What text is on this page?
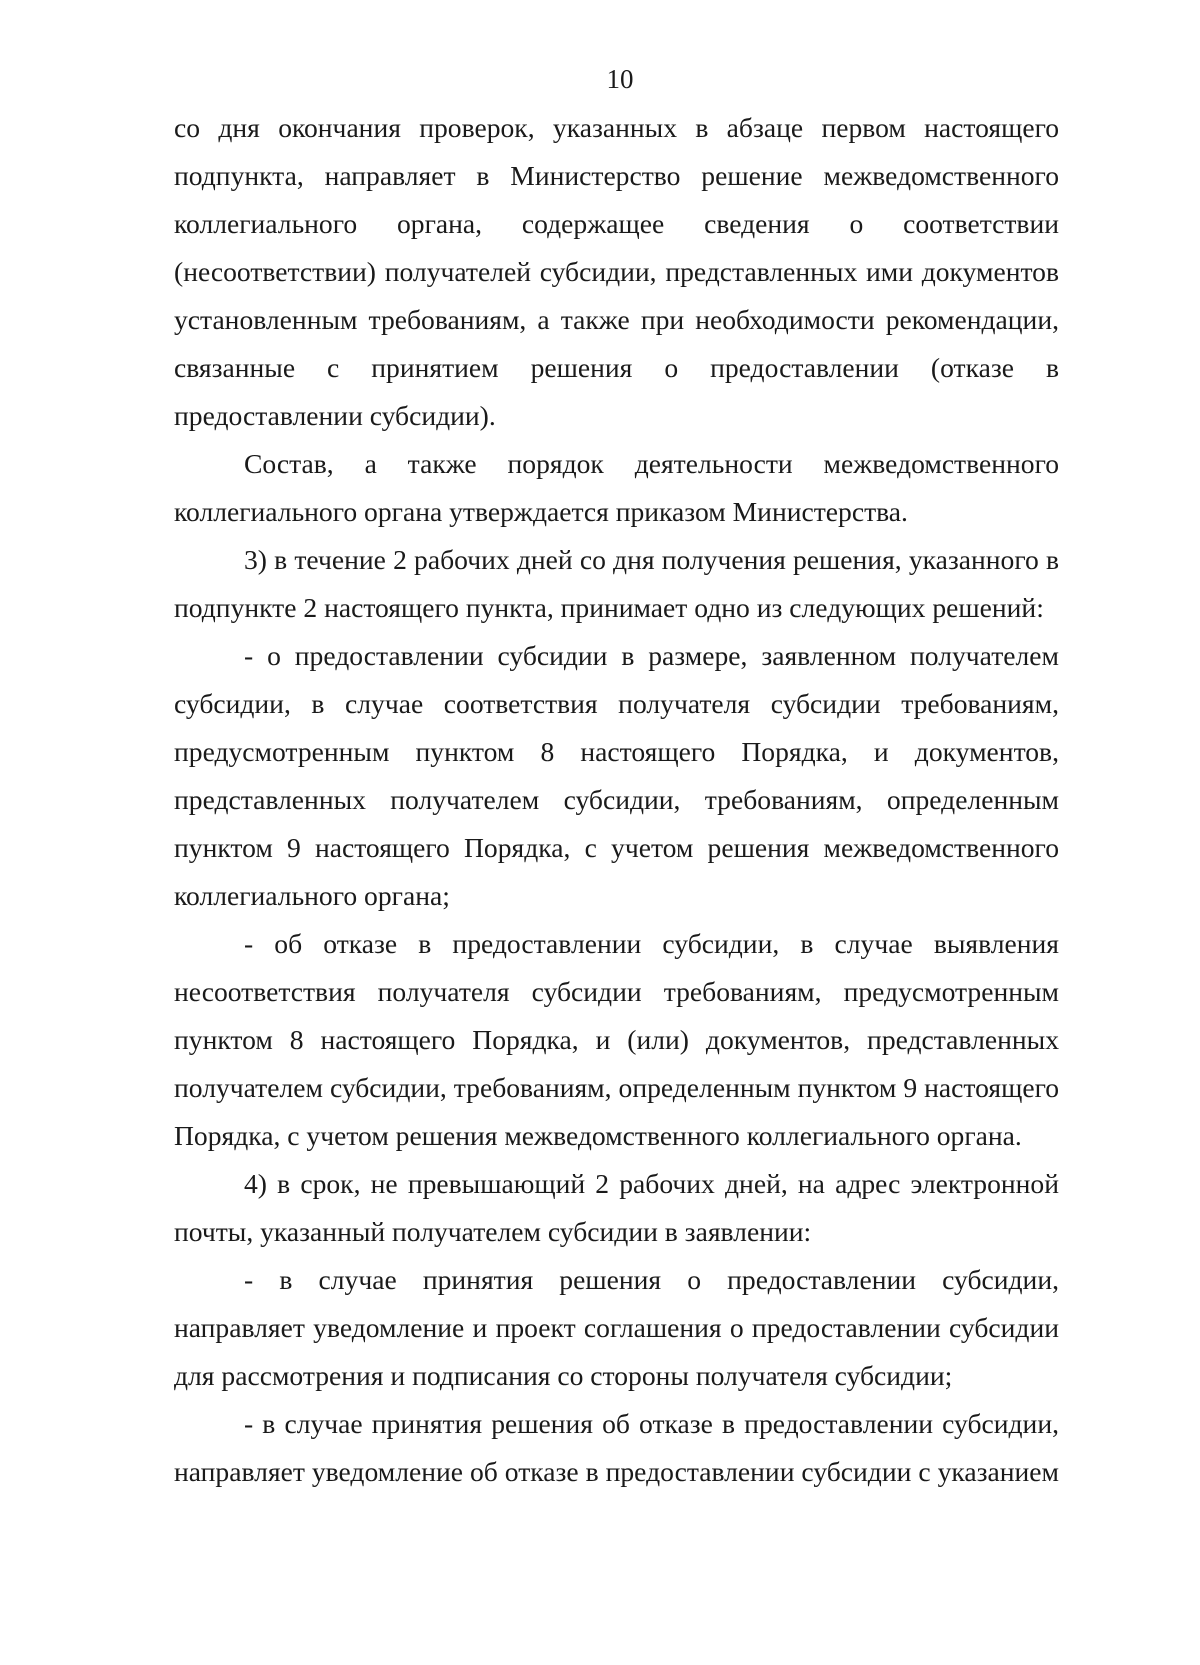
10

со дня окончания проверок, указанных в абзаце первом настоящего подпункта, направляет в Министерство решение межведомственного коллегиального органа, содержащее сведения о соответствии (несоответствии) получателей субсидии, представленных ими документов установленным требованиям, а также при необходимости рекомендации, связанные с принятием решения о предоставлении (отказе в предоставлении субсидии).

Состав, а также порядок деятельности межведомственного коллегиального органа утверждается приказом Министерства.

3) в течение 2 рабочих дней со дня получения решения, указанного в подпункте 2 настоящего пункта, принимает одно из следующих решений:

- о предоставлении субсидии в размере, заявленном получателем субсидии, в случае соответствия получателя субсидии требованиям, предусмотренным пунктом 8 настоящего Порядка, и документов, представленных получателем субсидии, требованиям, определенным пунктом 9 настоящего Порядка, с учетом решения межведомственного коллегиального органа;

- об отказе в предоставлении субсидии, в случае выявления несоответствия получателя субсидии требованиям, предусмотренным пунктом 8 настоящего Порядка, и (или) документов, представленных получателем субсидии, требованиям, определенным пунктом 9 настоящего Порядка, с учетом решения межведомственного коллегиального органа.

4) в срок, не превышающий 2 рабочих дней, на адрес электронной почты, указанный получателем субсидии в заявлении:

- в случае принятия решения о предоставлении субсидии, направляет уведомление и проект соглашения о предоставлении субсидии для рассмотрения и подписания со стороны получателя субсидии;

- в случае принятия решения об отказе в предоставлении субсидии, направляет уведомление об отказе в предоставлении субсидии с указанием
